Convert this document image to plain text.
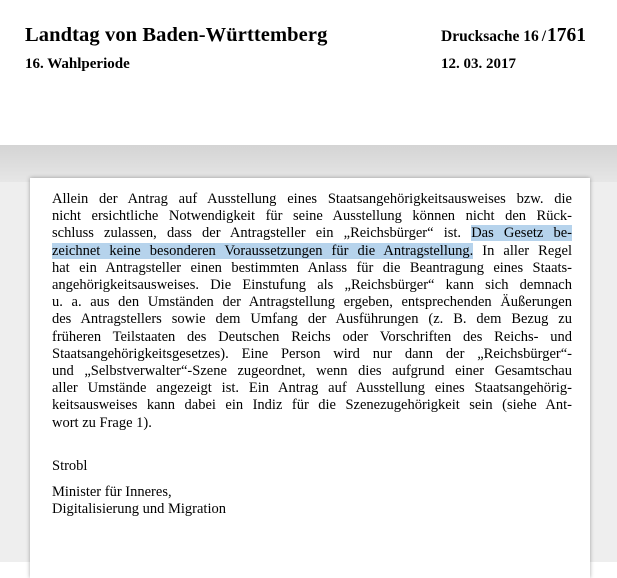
Landtag von Baden-Württemberg
16. Wahlperiode
Drucksache 16 /1761
12. 03. 2017
Allein der Antrag auf Ausstellung eines Staatsangehörigkeitsausweises bzw. die
nicht ersichtliche Notwendigkeit für seine Ausstellung können nicht den Rück-
schluss zulassen, dass der Antragsteller ein „Reichsbürger“ ist. Das Gesetz be-
zeichnet keine besonderen Voraussetzungen für die Antragstellung. In aller Regel
hat ein Antragsteller einen bestimmten Anlass für die Beantragung eines Staats-
angehörigkeitsausweises. Die Einstufung als „Reichsbürger“ kann sich demnach
u. a. aus den Umständen der Antragstellung ergeben, entsprechenden Äußerungen
des Antragstellers sowie dem Umfang der Ausführungen (z. B. dem Bezug zu
früheren Teilstaaten des Deutschen Reichs oder Vorschriften des Reichs- und
Staatsangehörigkeitsgesetzes). Eine Person wird nur dann der „Reichsbürger“-
und „Selbstverwalter“-Szene zugeordnet, wenn dies aufgrund einer Gesamtschau
aller Umstände angezeigt ist. Ein Antrag auf Ausstellung eines Staatsangehörig-
keitsausweises kann dabei ein Indiz für die Szenezugehörigkeit sein (siehe Ant-
wort zu Frage 1).
Strobl
Minister für Inneres,
Digitalisierung und Migration
